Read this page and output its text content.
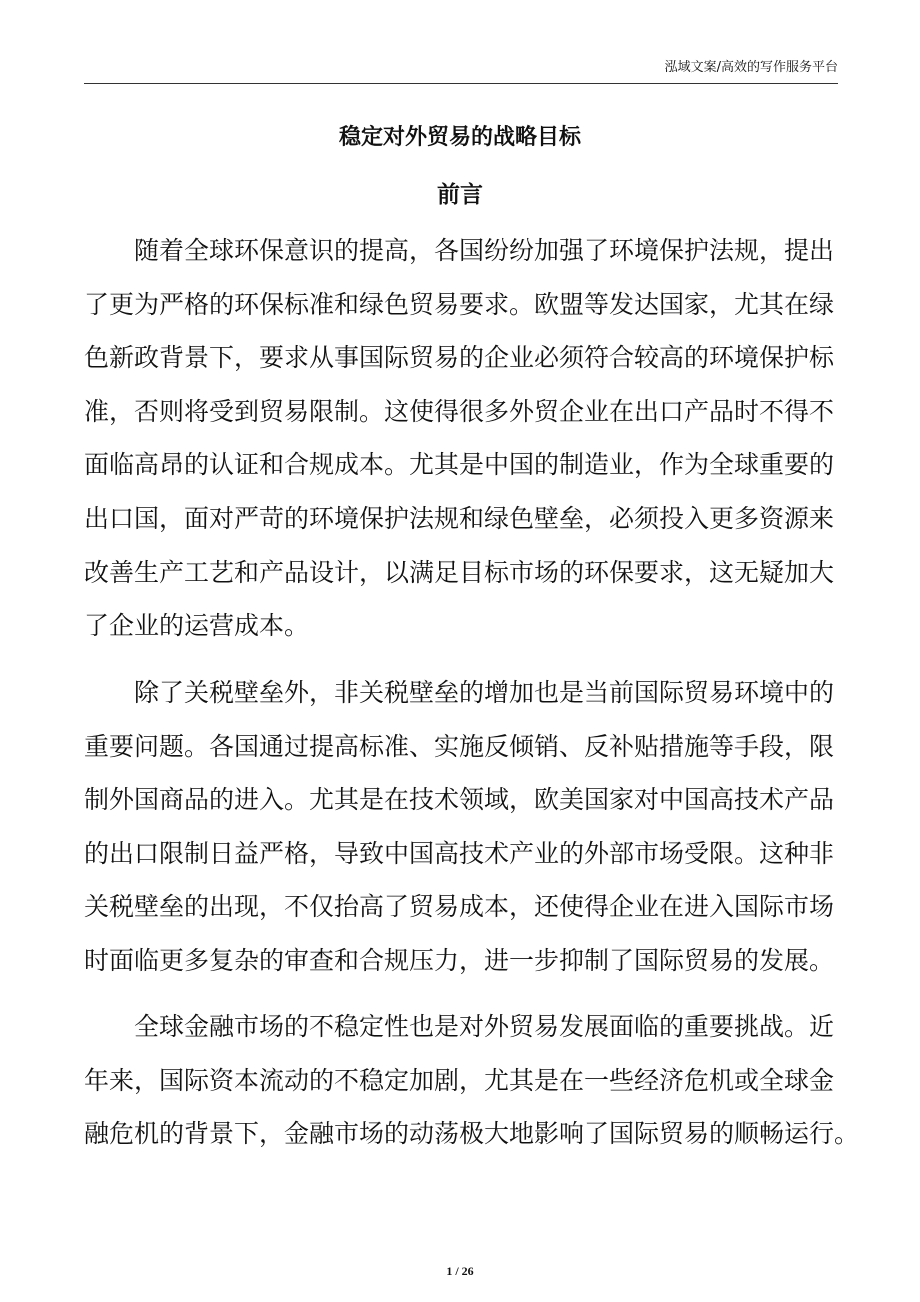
泓域文案/高效的写作服务平台
稳定对外贸易的战略目标
前言
随着全球环保意识的提高，各国纷纷加强了环境保护法规，提出
了更为严格的环保标准和绿色贸易要求。欧盟等发达国家，尤其在绿
色新政背景下，要求从事国际贸易的企业必须符合较高的环境保护标
准，否则将受到贸易限制。这使得很多外贸企业在出口产品时不得不
面临高昂的认证和合规成本。尤其是中国的制造业，作为全球重要的
出口国，面对严苛的环境保护法规和绿色壁垒，必须投入更多资源来
改善生产工艺和产品设计，以满足目标市场的环保要求，这无疑加大
了企业的运营成本。
除了关税壁垒外，非关税壁垒的增加也是当前国际贸易环境中的
重要问题。各国通过提高标准、实施反倾销、反补贴措施等手段，限
制外国商品的进入。尤其是在技术领域，欧美国家对中国高技术产品
的出口限制日益严格，导致中国高技术产业的外部市场受限。这种非
关税壁垒的出现，不仅抬高了贸易成本，还使得企业在进入国际市场
时面临更多复杂的审查和合规压力，进一步抑制了国际贸易的发展。
全球金融市场的不稳定性也是对外贸易发展面临的重要挑战。近
年来，国际资本流动的不稳定加剧，尤其是在一些经济危机或全球金
融危机的背景下，金融市场的动荡极大地影响了国际贸易的顺畅运行。
1 / 26
